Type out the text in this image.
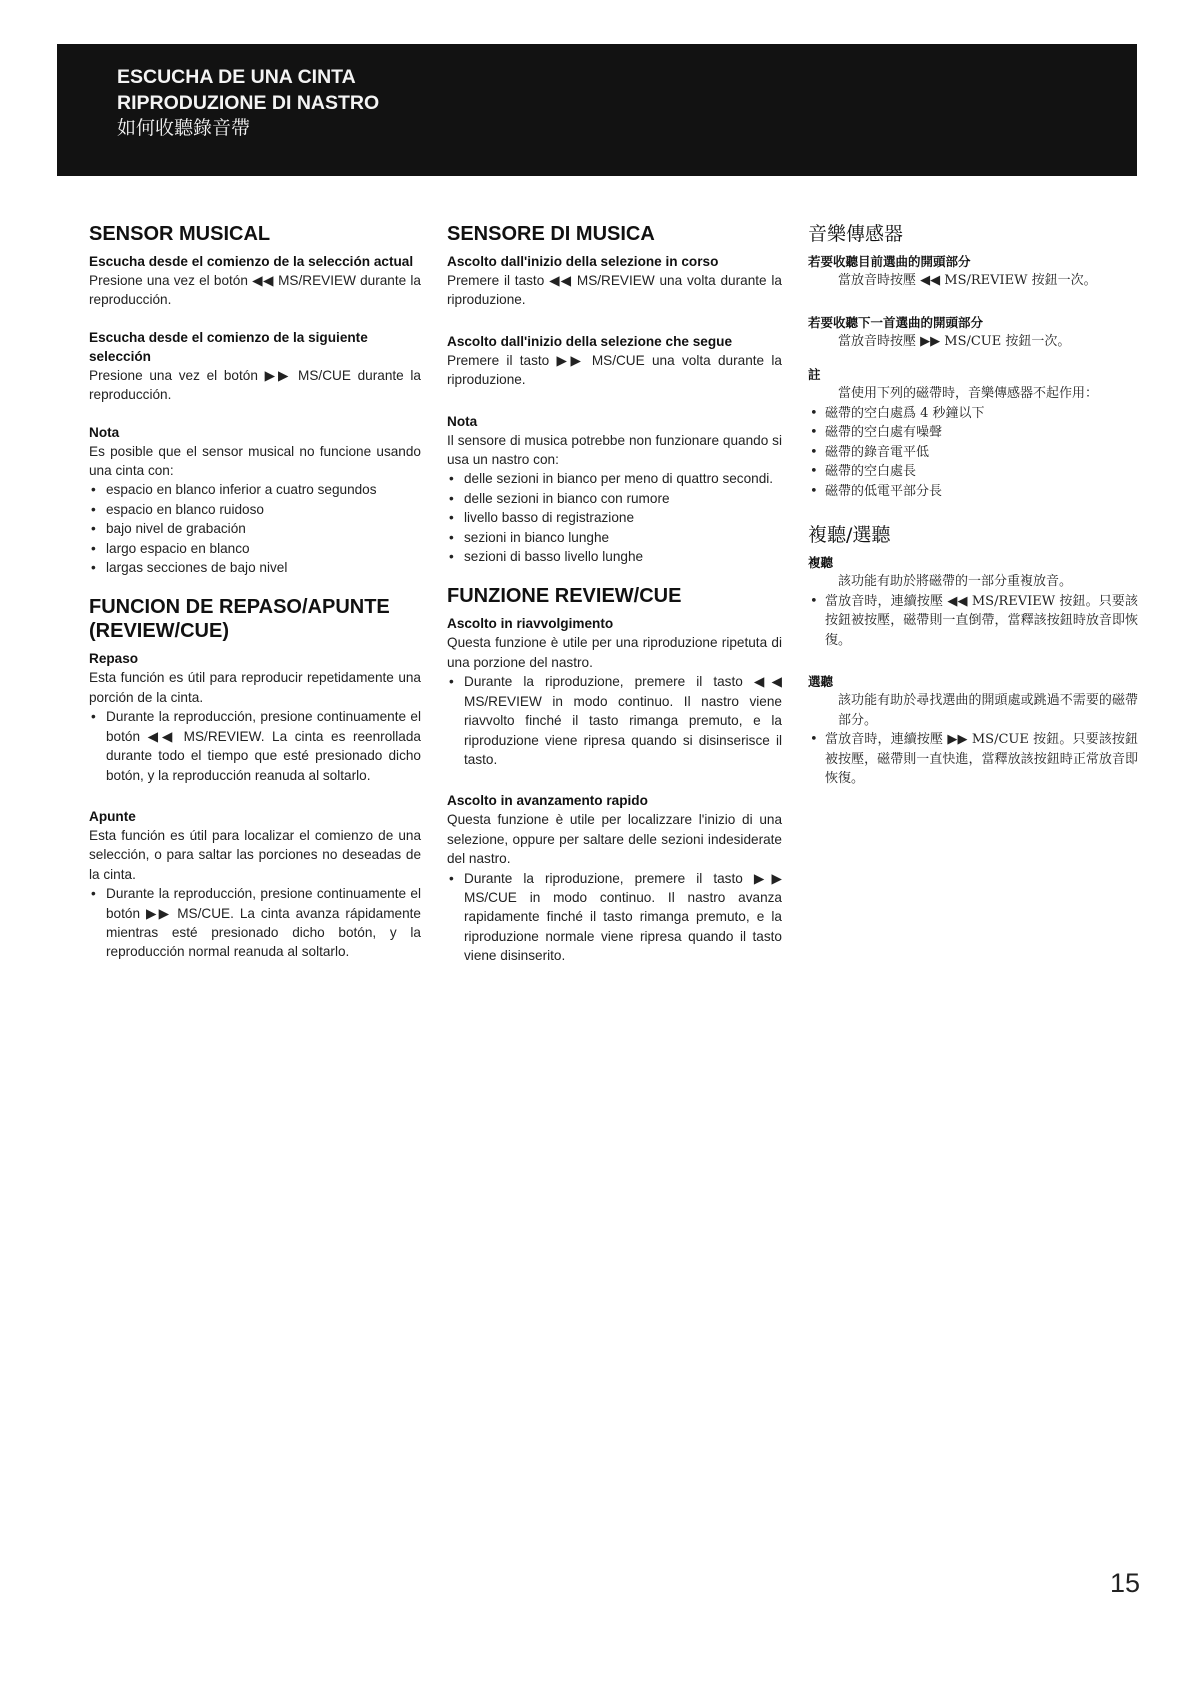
ESCUCHA DE UNA CINTA
RIPRODUZIONE DI NASTRO
如何收聽錄音帶
SENSOR MUSICAL
Escucha desde el comienzo de la selección actual

Presione una vez el botón ◀◀ MS/REVIEW durante la reproducción.

Escucha desde el comienzo de la siguiente selección

Presione una vez el botón ▶▶ MS/CUE durante la reproducción.

Nota

Es posible que el sensor musical no funcione usando una cinta con:

• espacio en blanco inferior a cuatro segundos
• espacio en blanco ruidoso
• bajo nivel de grabación
• largo espacio en blanco
• largas secciones de bajo nivel
FUNCION DE REPASO/APUNTE (REVIEW/CUE)
Repaso

Esta función es útil para reproducir repetidamente una porción de la cinta.

• Durante la reproducción, presione continuamente el botón ◀◀ MS/REVIEW. La cinta es reenrollada durante todo el tiempo que esté presionado dicho botón, y la reproducción reanuda al soltarlo.
Apunte

Esta función es útil para localizar el comienzo de una selección, o para saltar las porciones no deseadas de la cinta.

• Durante la reproducción, presione continuamente el botón ▶▶ MS/CUE. La cinta avanza rápidamente mientras esté presionado dicho botón, y la reproducción normal reanuda al soltarlo.
SENSORE DI MUSICA
Ascolto dall'inizio della selezione in corso

Premere il tasto ◀◀ MS/REVIEW una volta durante la riproduzione.

Ascolto dall'inizio della selezione che segue

Premere il tasto ▶▶ MS/CUE una volta durante la riproduzione.

Nota

Il sensore di musica potrebbe non funzionare quando si usa un nastro con:

• delle sezioni in bianco per meno di quattro secondi.
• delle sezioni in bianco con rumore
• livello basso di registrazione
• sezioni in bianco lunghe
• sezioni di basso livello lunghe
FUNZIONE REVIEW/CUE
Ascolto in riavvolgimento

Questa funzione è utile per una riproduzione ripetuta di una porzione del nastro.

• Durante la riproduzione, premere il tasto ◀◀ MS/REVIEW in modo continuo. Il nastro viene riavvolto finché il tasto rimanga premuto, e la riproduzione viene ripresa quando si disinserisce il tasto.
Ascolto in avanzamento rapido

Questa funzione è utile per localizzare l'inizio di una selezione, oppure per saltare delle sezioni indesiderate del nastro.

• Durante la riproduzione, premere il tasto ▶▶ MS/CUE in modo continuo. Il nastro avanza rapidamente finché il tasto rimanga premuto, e la riproduzione normale viene ripresa quando il tasto viene disinserito.
音樂傳感器
若要收聽目前選曲的開頭部分

當放音時按壓 ◀◀ MS/REVIEW 按鈕一次。

若要收聽下一首選曲的開頭部分

當放音時按壓 ▶▶ MS/CUE 按鈕一次。

註

當使用下列的磁帶時，音樂傳感器不起作用：

• 磁帶的空白處爲 4 秒鐘以下
• 磁帶的空白處有噪聲
• 磁帶的錄音電平低
• 磁帶的空白處長
• 磁帶的低電平部分長
複聽/選聽
複聽

該功能有助於將磁帶的一部分重複放音。

• 當放音時，連續按壓 ◀◀ MS/REVIEW 按鈕。只要該按鈕被按壓，磁帶則一直倒帶，當釋該按鈕時放音即恢復。
選聽

該功能有助於尋找選曲的開頭處或跳過不需要的磁帶部分。

• 當放音時，連續按壓 ▶▶ MS/CUE 按鈕。只要該按鈕被按壓，磁帶則一直快進，當釋放該按鈕時正常放音即恢復。
15
